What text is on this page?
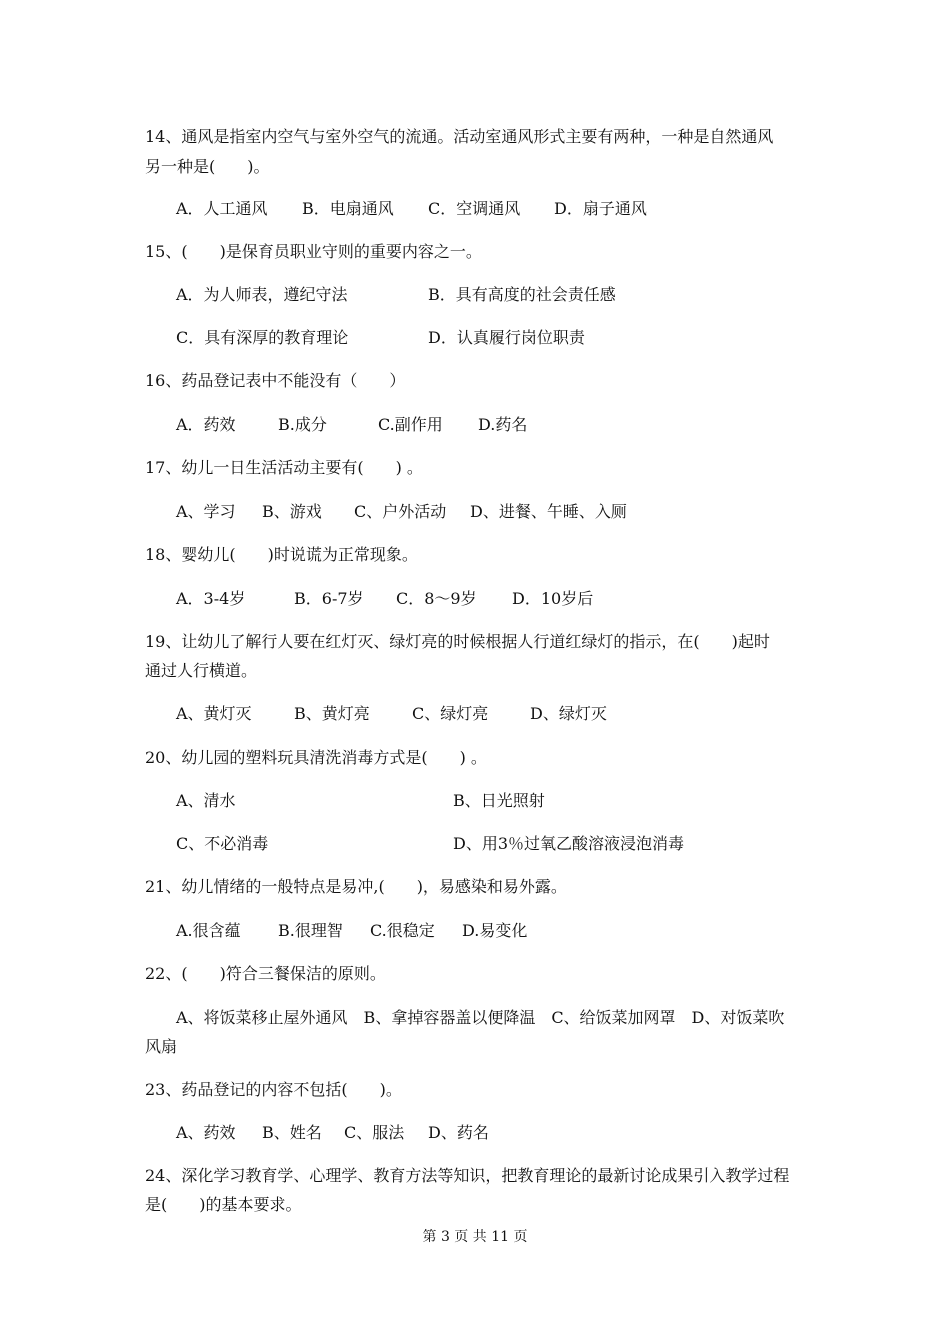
14、通风是指室内空气与室外空气的流通。活动室通风形式主要有两种，一种是自然通风
另一种是(　　)。
A．人工通风 B．电扇通风 C．空调通风 D．扇子通风
15、(　　)是保育员职业守则的重要内容之一。
A．为人师表，遵纪守法	B．具有高度的社会责任感
C．具有深厚的教育理论	D．认真履行岗位职责
16、药品登记表中不能没有（　　）
A．药效	B.成分	C.副作用 D.药名
17、幼儿一日生活活动主要有(　　) 。
A、学习 B、游戏 C、户外活动 D、进餐、午睡、入厕
18、婴幼儿(　　)时说谎为正常现象。
A．3-4岁	B．6-7岁 C．8～9岁 D．10岁后
19、让幼儿了解行人要在红灯灭、绿灯亮的时候根据人行道红绿灯的指示，在(　　)起时
通过人行横道。
A、黄灯灭	B、黄灯亮	C、绿灯亮	D、绿灯灭
20、幼儿园的塑料玩具清洗消毒方式是(　　) 。
A、清水	B、日光照射
C、不必消毒	D、用3％过氧乙酸溶液浸泡消毒
21、幼儿情绪的一般特点是易冲,(　　)，易感染和易外露。
A.很含蕴 B.很理智 C.很稳定 D.易变化
22、(　　)符合三餐保洁的原则。
A、将饭菜移止屋外通风　B、拿掉容器盖以便降温　C、给饭菜加网罩　D、对饭菜吹
风扇
23、药品登记的内容不包括(　　)。
A、药效 B、姓名 C、服法 D、药名
24、深化学习教育学、心理学、教育方法等知识，把教育理论的最新讨论成果引入教学过程
是(　　)的基本要求。
第 3 页 共 11 页
